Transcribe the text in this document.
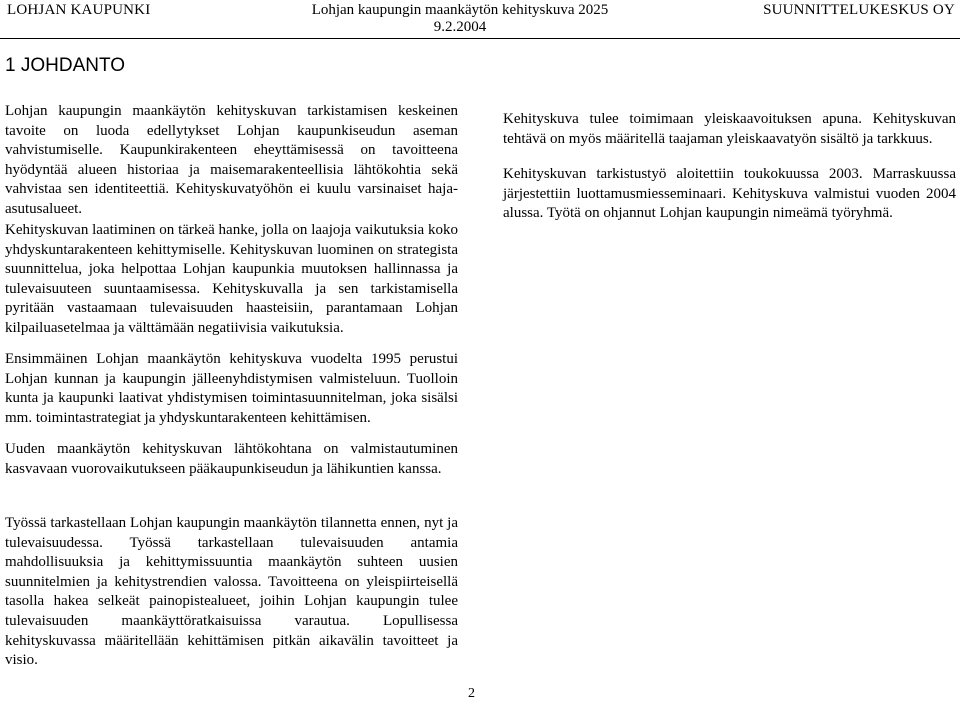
LOHJAN KAUPUNKI	Lohjan kaupungin maankäytön kehityskuva 2025
9.2.2004
SUUNNITTELUKESKUS OY
1 JOHDANTO

Lohjan kaupungin maankäytön kehityskuvan tarkistamisen keskeinen tavoite on luoda edellytykset Lohjan kaupunkiseudun aseman vahvistumiselle. Kaupunkirakenteen eheyttämisessä on tavoitteena hyödyntää alueen historiaa ja maisemarakenteellisia lähtökohtia sekä vahvistaa sen identiteettiä. Kehityskuvatyöhön ei kuulu varsinaiset haja-asutusalueet.

Kehityskuvan laatiminen on tärkeä hanke, jolla on laajoja vaikutuksia koko yhdyskuntarakenteen kehittymiselle. Kehityskuvan luominen on strategista suunnittelua, joka helpottaa Lohjan kaupunkia muutoksen hallinnassa ja tulevaisuuteen suuntaamisessa. Kehityskuvalla ja sen tarkistamisella pyritään vastaamaan tulevaisuuden haasteisiin, parantamaan Lohjan kilpailuasetelmaa ja välttämään negatiivisia vaikutuksia.

Ensimmäinen Lohjan maankäytön kehityskuva vuodelta 1995 perustui Lohjan kunnan ja kaupungin jälleenyhdistymisen valmisteluun. Tuolloin kunta ja kaupunki laativat yhdistymisen toimintasuunnitelman, joka sisälsi mm. toimintastrategiat ja yhdyskuntarakenteen kehittämisen.

Uuden maankäytön kehityskuvan lähtökohtana on valmistautuminen kasvavaan vuorovaikutukseen pääkaupunkiseudun ja lähikuntien kanssa.

Työssä tarkastellaan Lohjan kaupungin maankäytön tilannetta ennen, nyt ja tulevaisuudessa. Työssä tarkastellaan tulevaisuuden antamia mahdollisuuksia ja kehittymissuuntia maankäytön suhteen uusien suunnitelmien ja kehitystrendien valossa. Tavoitteena on yleispiirteisellä tasolla hakea selkeät painopistealueet, joihin Lohjan kaupungin tulee tulevaisuuden maankäyttöratkaisuissa varautua. Lopullisessa kehityskuvassa määritellään kehittämisen pitkän aikavälin tavoitteet ja visio.

Kehityskuva tulee toimimaan yleiskaavoituksen apuna. Kehityskuvan tehtävä on myös määritellä taajaman yleiskaavatyön sisältö ja tarkkuus.

Kehityskuvan tarkistustyö aloitettiin toukokuussa 2003. Marraskuussa järjestettiin luottamusmiesseminaari. Kehityskuva valmistui vuoden 2004 alussa. Työtä on ohjannut Lohjan kaupungin nimeämä työryhmä.

2
